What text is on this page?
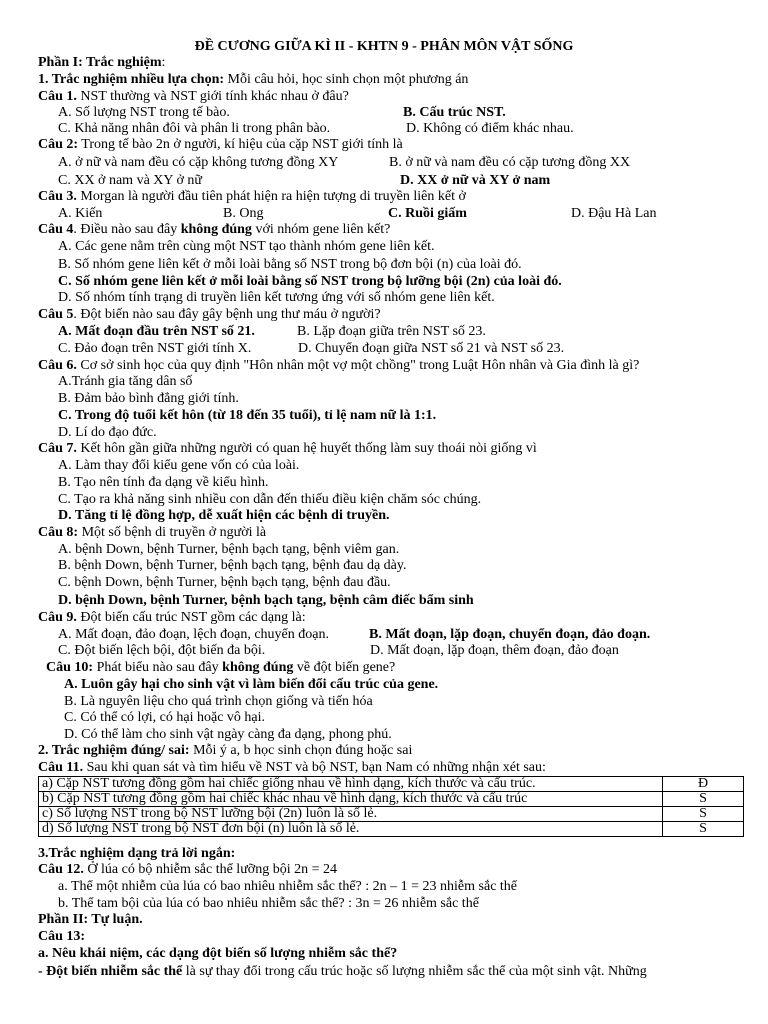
ĐỀ CƯƠNG GIỮA KÌ II - KHTN 9 - PHÂN MÔN VẬT SỐNG
Phần I: Trắc nghiệm:
1. Trắc nghiệm nhiều lựa chọn: Mỗi câu hỏi, học sinh chọn một phương án
Câu 1. NST thường và NST giới tính khác nhau ở đâu?
A. Số lượng NST trong tế bào.	B. Cấu trúc NST.
C. Khả năng nhân đôi và phân li trong phân bào.	D. Không có điểm khác nhau.
Câu 2: Trong tế bào 2n ở người, kí hiệu của cặp NST giới tính là
A. ở nữ và nam đều có cặp không tương đồng XY	B. ở nữ và nam đều có cặp tương đồng XX
C. XX ở nam và XY ở nữ	D. XX ở nữ và XY ở nam
Câu 3. Morgan là người đầu tiên phát hiện ra hiện tượng di truyền liên kết ở
A. Kiến	B. Ong	C. Ruồi giấm	D. Đậu Hà Lan
Câu 4. Điều nào sau đây không đúng với nhóm gene liên kết?
A. Các gene nằm trên cùng một NST tạo thành nhóm gene liên kết.
B. Số nhóm gene liên kết ở mỗi loài bằng số NST trong bộ đơn bội (n) của loài đó.
C. Số nhóm gene liên kết ở mỗi loài bằng số NST trong bộ lưỡng bội (2n) của loài đó.
D. Số nhóm tính trạng di truyền liên kết tương ứng với số nhóm gene liên kết.
Câu 5. Đột biến nào sau đây gây bệnh ung thư máu ở người?
A. Mất đoạn đầu trên NST số 21.	B. Lặp đoạn giữa trên NST số 23.
C. Đảo đoạn trên NST giới tính X.	D. Chuyển đoạn giữa NST số 21 và NST số 23.
Câu 6. Cơ sở sinh học của quy định "Hôn nhân một vợ một chồng" trong Luật Hôn nhân và Gia đình là gì?
A.Tránh gia tăng dân số
B. Đảm bảo bình đẳng giới tính.
C. Trong độ tuổi kết hôn (từ 18 đến 35 tuổi), tỉ lệ nam nữ là 1:1.
D. Lí do đạo đức.
Câu 7. Kết hôn gần giữa những người có quan hệ huyết thống làm suy thoái nòi giống vì
A. Làm thay đổi kiểu gene vốn có của loài.
B. Tạo nên tính đa dạng về kiểu hình.
C. Tạo ra khả năng sinh nhiều con dẫn đến thiếu điều kiện chăm sóc chúng.
D. Tăng tỉ lệ đồng hợp, dễ xuất hiện các bệnh di truyền.
Câu 8: Một số bệnh di truyền ở người là
A. bệnh Down, bệnh Turner, bệnh bạch tạng, bệnh viêm gan.
B. bệnh Down, bệnh Turner, bệnh bạch tạng, bệnh đau dạ dày.
C. bệnh Down, bệnh Turner, bệnh bạch tạng, bệnh đau đầu.
D. bệnh Down, bệnh Turner, bệnh bạch tạng, bệnh câm điếc bẩm sinh
Câu 9. Đột biến cấu trúc NST gồm các dạng là:
A. Mất đoạn, đảo đoạn, lệch đoạn, chuyển đoạn.	B. Mất đoạn, lặp đoạn, chuyển đoạn, đảo đoạn.
C. Đột biến lệch bội, đột biến đa bội.	D. Mất đoạn, lặp đoạn, thêm đoạn, đảo đoạn
Câu 10: Phát biểu nào sau đây không đúng về đột biến gene?
A. Luôn gây hại cho sinh vật vì làm biến đổi cấu trúc của gene.
B. Là nguyên liệu cho quá trình chọn giống và tiến hóa
C. Có thể có lợi, có hại hoặc vô hại.
D. Có thể làm cho sinh vật ngày càng đa dạng, phong phú.
2. Trắc nghiệm đúng/ sai: Mỗi ý a, b học sinh chọn đúng hoặc sai
Câu 11. Sau khi quan sát và tìm hiểu về NST và bộ NST, bạn Nam có những nhận xét sau:
a) Cặp NST tương đồng gồm hai chiếc giống nhau về hình dạng, kích thước và cấu trúc.	Đ
b) Cặp NST tương đồng gồm hai chiếc khác nhau về hình dạng, kích thước và cấu trúc	S
c) Số lượng NST trong bộ NST lưỡng bội (2n) luôn là số lẻ.	S
d) Số lượng NST trong bộ NST đơn bội (n) luôn là số lẻ.	S
3.Trắc nghiệm dạng trả lời ngắn:
Câu 12. Ở lúa có bộ nhiễm sắc thể lưỡng bội 2n = 24
a. Thể một nhiễm của lúa có bao nhiêu nhiễm sắc thể? : 2n – 1 = 23 nhiễm sắc thể
b. Thể tam bội của lúa có bao nhiêu nhiễm sắc thể? : 3n = 26 nhiễm sắc thể
Phần II: Tự luận.
Câu 13:
a. Nêu khái niệm, các dạng đột biến số lượng nhiễm sắc thể?
- Đột biến nhiễm sắc thể là sự thay đổi trong cấu trúc hoặc số lượng nhiễm sắc thể của một sinh vật. Những
